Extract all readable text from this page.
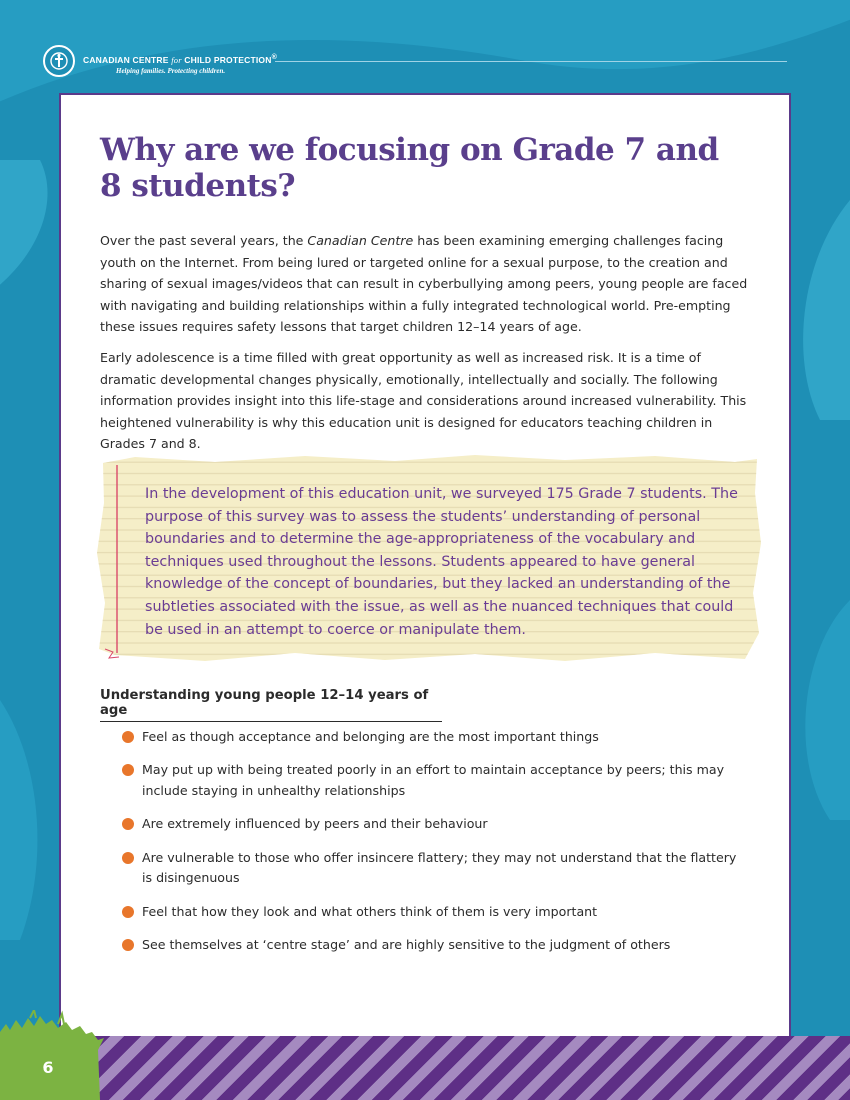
CANADIAN CENTRE for CHILD PROTECTION®
Helping families. Protecting children.
Why are we focusing on Grade 7 and 8 students?

Over the past several years, the Canadian Centre has been examining emerging challenges facing youth on the Internet. From being lured or targeted online for a sexual purpose, to the creation and sharing of sexual images/videos that can result in cyberbullying among peers, young people are faced with navigating and building relationships within a fully integrated technological world. Pre-empting these issues requires safety lessons that target children 12–14 years of age.

Early adolescence is a time filled with great opportunity as well as increased risk. It is a time of dramatic developmental changes physically, emotionally, intellectually and socially. The following information provides insight into this life-stage and considerations around increased vulnerability. This heightened vulnerability is why this education unit is designed for educators teaching children in Grades 7 and 8.

In the development of this education unit, we surveyed 175 Grade 7 students. The purpose of this survey was to assess the students’ understanding of personal boundaries and to determine the age-appropriateness of the vocabulary and techniques used throughout the lessons. Students appeared to have general knowledge of the concept of boundaries, but they lacked an understanding of the subtleties associated with the issue, as well as the nuanced techniques that could be used in an attempt to coerce or manipulate them.

Understanding young people 12–14 years of age
Feel as though acceptance and belonging are the most important things
May put up with being treated poorly in an effort to maintain acceptance by peers; this may include staying in unhealthy relationships
Are extremely influenced by peers and their behaviour
Are vulnerable to those who offer insincere flattery; they may not understand that the flattery is disingenuous
Feel that how they look and what others think of them is very important
See themselves at ‘centre stage’ and are highly sensitive to the judgment of others
6
